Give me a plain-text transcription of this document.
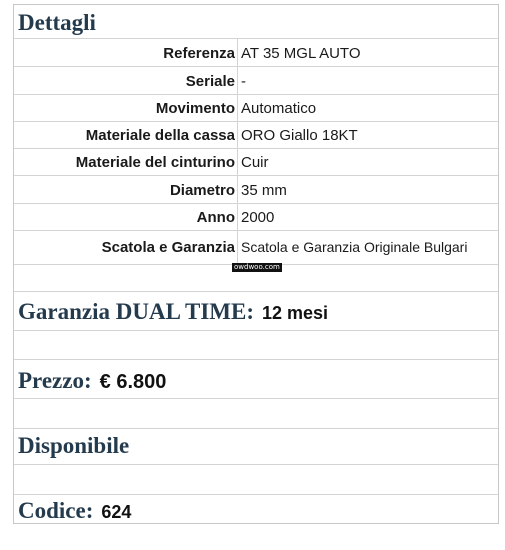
Dettagli
Referenza AT 35 MGL AUTO
Seriale -
Movimento Automatico
Materiale della cassa ORO Giallo 18KT
Materiale del cinturino Cuir
Diametro 35 mm
Anno 2000
Scatola e Garanzia Scatola e Garanzia Originale Bulgari
Garanzia DUAL TIME: 12 mesi
Prezzo: € 6.800
Disponibile
Codice: 624
owdwoo.com
